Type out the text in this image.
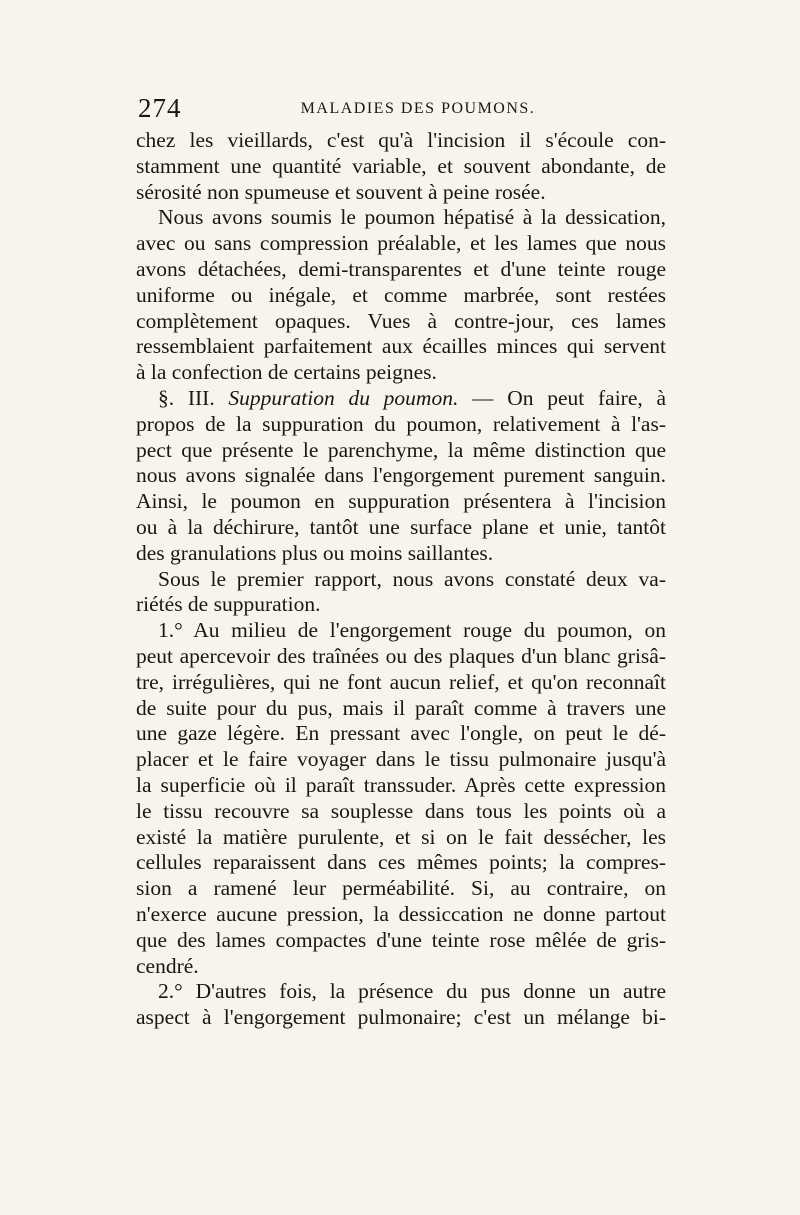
274	MALADIES DES POUMONS.
chez les vieillards, c'est qu'à l'incision il s'écoule con-
stamment une quantité variable, et souvent abondante, de
sérosité non spumeuse et souvent à peine rosée.
Nous avons soumis le poumon hépatisé à la dessication,
avec ou sans compression préalable, et les lames que nous
avons détachées, demi-transparentes et d'une teinte rouge
uniforme ou inégale, et comme marbrée, sont restées
complètement opaques. Vues à contre-jour, ces lames
ressemblaient parfaitement aux écailles minces qui servent
à la confection de certains peignes.
§. III. Suppuration du poumon. — On peut faire, à
propos de la suppuration du poumon, relativement à l'as-
pect que présente le parenchyme, la même distinction que
nous avons signalée dans l'engorgement purement sanguin.
Ainsi, le poumon en suppuration présentera à l'incision
ou à la déchirure, tantôt une surface plane et unie, tantôt
des granulations plus ou moins saillantes.
Sous le premier rapport, nous avons constaté deux va-
riétés de suppuration.
1.° Au milieu de l'engorgement rouge du poumon, on
peut apercevoir des traînées ou des plaques d'un blanc grisâ-
tre, irrégulières, qui ne font aucun relief, et qu'on reconnaît
de suite pour du pus, mais il paraît comme à travers une
une gaze légère. En pressant avec l'ongle, on peut le dé-
placer et le faire voyager dans le tissu pulmonaire jusqu'à
la superficie où il paraît transsuder. Après cette expression
le tissu recouvre sa souplesse dans tous les points où a
existé la matière purulente, et si on le fait dessécher, les
cellules reparaissent dans ces mêmes points; la compres-
sion a ramené leur perméabilité. Si, au contraire, on
n'exerce aucune pression, la dessiccation ne donne partout
que des lames compactes d'une teinte rose mêlée de gris-
cendré.
2.° D'autres fois, la présence du pus donne un autre
aspect à l'engorgement pulmonaire; c'est un mélange bi-
